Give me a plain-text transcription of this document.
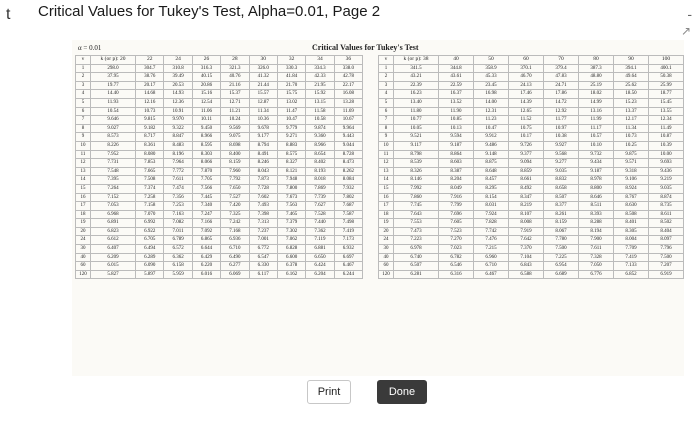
t Critical Values for Tukey's Test, Alpha=0.01, Page 2	-
↗
α = 0.01	Critical Values for Tukey's Test
ν	k (or p): 20	22	24	26	28	30	32	34	36
1	298.0	304.7	310.8	316.3	321.3	326.0	330.3	334.3	338.0
2	37.95	38.76	39.49	40.15	40.76	41.32	41.84	42.33	42.78
3	19.77	20.17	20.53	20.86	21.16	21.44	21.70	21.95	22.17
4	14.40	14.68	14.93	15.16	15.37	15.57	15.75	15.92	16.08
5	11.93	12.16	12.36	12.54	12.71	12.87	13.02	13.15	13.28
6	10.54	10.73	10.91	11.06	11.21	11.34	11.47	11.58	11.69
7	9.646	9.815	9.970	10.11	10.24	10.36	10.47	10.58	10.67
8	9.027	9.182	9.322	9.450	9.569	9.678	9.779	9.874	9.964
9	8.573	8.717	8.847	8.966	9.075	9.177	9.271	9.360	9.443
10	8.226	8.361	8.483	8.595	8.698	8.794	8.883	8.966	9.044
11	7.952	8.080	8.196	8.303	8.400	8.491	8.575	8.654	8.728
12	7.731	7.853	7.964	8.066	8.159	8.246	8.327	8.402	8.473
13	7.548	7.665	7.772	7.870	7.960	8.043	8.121	8.193	8.262
14	7.395	7.508	7.611	7.705	7.792	7.873	7.948	8.018	8.084
15	7.264	7.374	7.474	7.566	7.650	7.728	7.800	7.869	7.932
16	7.152	7.258	7.356	7.445	7.527	7.602	7.673	7.739	7.802
17	7.053	7.158	7.253	7.340	7.420	7.493	7.563	7.627	7.687
18	6.968	7.070	7.163	7.247	7.325	7.398	7.465	7.528	7.587
19	6.891	6.992	7.082	7.166	7.242	7.313	7.379	7.440	7.498
20	6.823	6.922	7.011	7.092	7.168	7.237	7.302	7.362	7.419
24	6.612	6.705	6.789	6.865	6.936	7.001	7.062	7.119	7.173
30	6.407	6.494	6.572	6.644	6.710	6.772	6.828	6.881	6.932
40	6.209	6.289	6.362	6.429	6.490	6.547	6.600	6.650	6.697
60	6.015	6.090	6.158	6.220	6.277	6.330	6.378	6.424	6.467
120	5.827	5.897	5.959	6.016	6.069	6.117	6.162	6.204	6.244
ν	k (or p): 38	40	50	60	70	80	90	100
1	341.5	344.8	358.9	370.1	379.4	387.3	394.1	400.1
2	43.21	43.61	45.33	46.70	47.83	48.80	49.64	50.38
3	22.39	22.59	23.45	24.13	24.71	25.19	25.62	25.99
4	16.23	16.37	16.98	17.46	17.86	18.02	18.50	18.77
5	13.40	13.52	14.00	14.39	14.72	14.99	15.23	15.45
6	11.80	11.90	12.31	12.65	12.92	13.16	13.37	13.55
7	10.77	10.85	11.23	11.52	11.77	11.99	12.17	12.34
8	10.05	10.13	10.47	10.75	10.97	11.17	11.34	11.49
9	9.521	9.594	9.912	10.17	10.38	10.57	10.73	10.87
10	9.117	9.187	9.486	9.726	9.927	10.10	10.25	10.39
11	8.798	8.864	9.148	9.377	9.568	9.732	9.875	10.00
12	8.539	8.603	8.875	9.094	9.277	9.434	9.571	9.693
13	8.326	8.387	8.648	8.859	9.035	9.187	9.318	9.436
14	8.146	8.204	8.457	8.661	8.832	8.978	9.106	9.219
15	7.992	8.049	8.295	8.492	8.658	8.800	8.924	9.035
16	7.860	7.916	8.154	8.347	8.507	8.646	8.767	8.874
17	7.745	7.799	8.031	8.219	8.377	8.511	8.630	8.735
18	7.643	7.696	7.924	8.107	8.261	8.393	8.508	8.611
19	7.553	7.605	7.828	8.008	8.159	8.288	8.401	8.502
20	7.473	7.523	7.742	7.919	8.067	8.194	8.305	8.404
24	7.223	7.270	7.476	7.642	7.780	7.900	8.004	8.097
30	6.978	7.023	7.215	7.370	7.500	7.611	7.709	7.796
40	6.740	6.782	6.960	7.104	7.225	7.328	7.419	7.500
60	6.507	6.546	6.710	6.843	6.954	7.050	7.133	7.207
120	6.281	6.316	6.467	6.588	6.689	6.776	6.852	6.919
Print	Done
